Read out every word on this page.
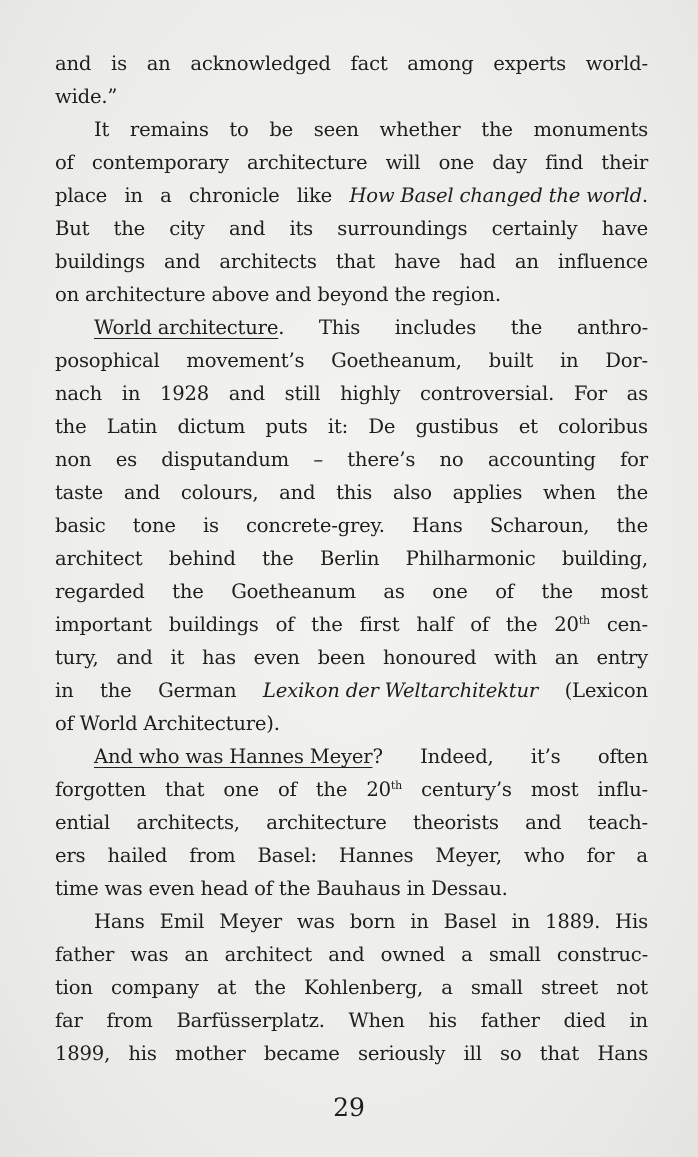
and is an acknowledged fact among experts world-
wide.”
It remains to be seen whether the monuments
of contemporary architecture will one day find their
place in a chronicle like How Basel changed the world.
But the city and its surroundings certainly have
buildings and architects that have had an influence
on architecture above and beyond the region.
World architecture. This includes the anthro-
posophical movement’s Goetheanum, built in Dor-
nach in 1928 and still highly controversial. For as
the Latin dictum puts it: De gustibus et coloribus
non es disputandum – there’s no accounting for
taste and colours, and this also applies when the
basic tone is concrete-grey. Hans Scharoun, the
architect behind the Berlin Philharmonic building,
regarded the Goetheanum as one of the most
important buildings of the first half of the 20th cen-
tury, and it has even been honoured with an entry
in the German Lexikon der Weltarchitektur (Lexicon
of World Architecture).
And who was Hannes Meyer? Indeed, it’s often
forgotten that one of the 20th century’s most influ-
ential architects, architecture theorists and teach-
ers hailed from Basel: Hannes Meyer, who for a
time was even head of the Bauhaus in Dessau.
Hans Emil Meyer was born in Basel in 1889. His
father was an architect and owned a small construc-
tion company at the Kohlenberg, a small street not
far from Barfüsserplatz. When his father died in
1899, his mother became seriously ill so that Hans
29
